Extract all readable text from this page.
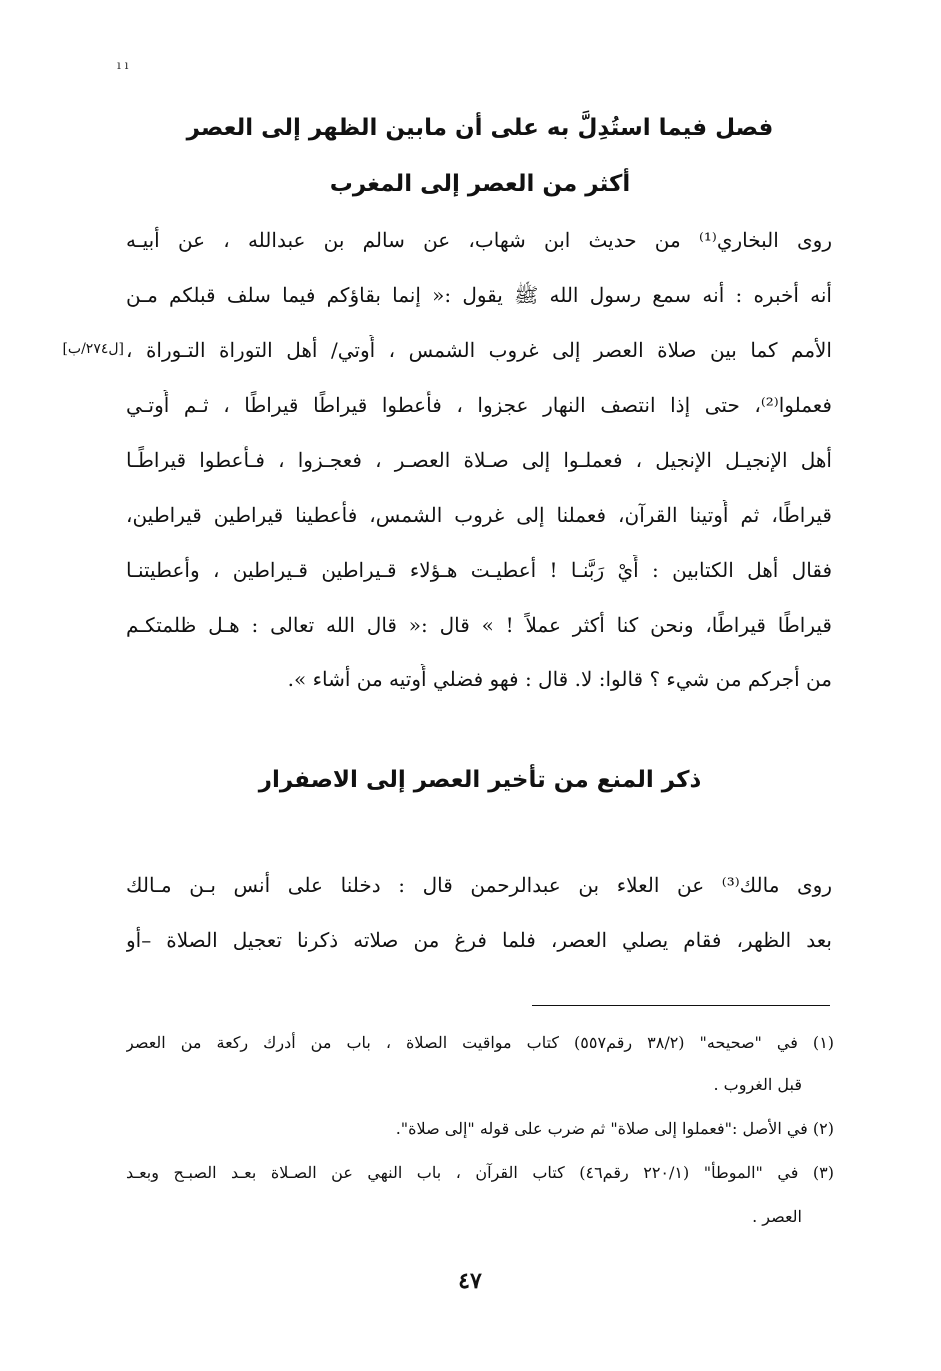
ı ı
فصل فيما استُدِلَّ به على أن مابين الظهر إلى العصر
أكثر من العصر إلى المغرب
روى البخاري⁽¹⁾ من حديث ابن شهاب، عن سالم بن عبدالله ، عن أبيـه
أنه أخبره : أنه سمع رسول الله ﷺ يقول :« إنما بقاؤكم فيما سلف قبلكم مـن
الأمم كما بين صلاة العصر إلى غروب الشمس ، أُوتي/ أهل التوراة التـوراة ،
فعملوا⁽²⁾، حتى إذا انتصف النهار عجزوا ، فأُعطوا قيراطًا قيراطًا ، ثـم أُوتـي
أهل الإنجيـل الإنجيل ، فعملـوا إلى صـلاة العصـر ، فعجـزوا ، فـأُعطوا قيراطًـا
قيراطًا، ثم أُوتينا القرآن، فعملنا إلى غروب الشمس، فأُعطينا قيراطين قيراطين،
فقال أهل الكتابين : أَيْ رَبَّنـا ! أعطيـت هـؤلاء قـيراطين قـيراطين ، وأعطيتنـا
قيراطًا قيراطًا، ونحن كنا أكثر عملاً ! » قال :« قال الله تعالى : هـل ظلمتكـم
من أجركم من شيء ؟ قالوا: لا. قال : فهو فضلي أُوتيه من أشاء ».
[ل٢٧٤/ب]
ذكر المنع من تأخير العصر إلى الاصفرار
روى مالك⁽³⁾ عن العلاء بن عبدالرحمن قال : دخلنا على أنس بـن مـالك
بعد الظهر، فقام يصلي العصر، فلما فرغ من صلاته ذكرنا تعجيل الصلاة –أو
(١) في "صحيحه" (٣٨/٢ رقم٥٥٧) كتاب مواقيت الصلاة ، باب من أدرك ركعة من العصر
قبل الغروب .
(٢) في الأصل :"فعملوا إلى صلاة" ثم ضرب على قوله "إلى صلاة".
(٣) في "الموطأ" (٢٢٠/١ رقم٤٦) كتاب القرآن ، باب النهي عن الصـلاة بعـد الصبـح وبعـد
العصر .
٤٧
